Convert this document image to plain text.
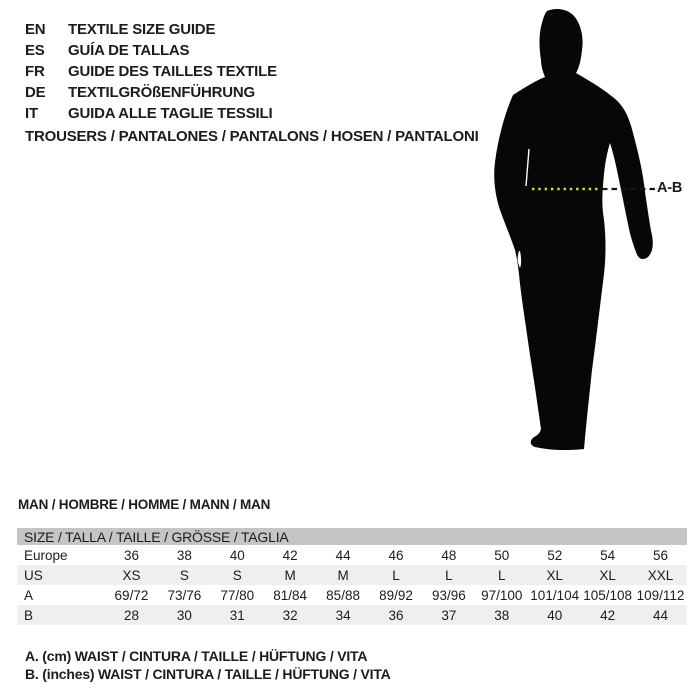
A-B
EN	TEXTILE SIZE GUIDE
ES	GUÍA DE TALLAS
FR	GUIDE DES TAILLES TEXTILE
DE	TEXTILGRÖßENFÜHRUNG
IT	GUIDA ALLE TAGLIE TESSILI
TROUSERS / PANTALONES / PANTALONS / HOSEN / PANTALONI
MAN / HOMBRE / HOMME / MANN / MAN
SIZE / TALLA / TAILLE / GRÖSSE / TAGLIA
Europe	36	38	40	42	44	46	48	50	52	54	56
US	XS	S	S	M	M	L	L	L	XL	XL	XXL
A	69/72	73/76	77/80	81/84	85/88	89/92	93/96	97/100 101/104 105/108 109/112
B	28	30	31	32	34	36	37	38	40	42	44
A. (cm) WAIST / CINTURA / TAILLE / HÜFTUNG / VITA
B. (inches) WAIST / CINTURA / TAILLE / HÜFTUNG / VITA
